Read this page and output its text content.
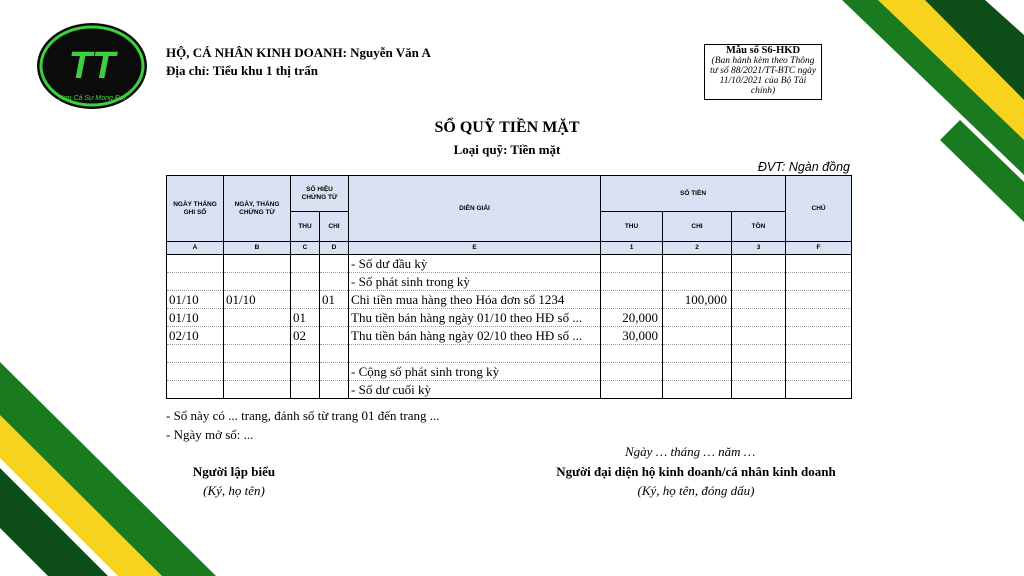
TT
Hơn Cả Sự Mong Đợi
HỘ, CÁ NHÂN KINH DOANH: Nguyễn Văn A
Địa chỉ: Tiểu khu 1 thị trấn
Mẫu số S6-HKD
(Ban hành kèm theo Thông tư số 88/2021/TT-BTC ngày 11/10/2021 của Bộ Tài chính)
SỔ QUỸ TIỀN MẶT
Loại quỹ: Tiền mặt
ĐVT: Ngàn đồng
NGÀY THÁNG GHI SỔ	NGÀY, THÁNG CHỨNG TỪ	SỐ HIỆU CHỨNG TỪ		DIỄN GIẢI	SỐ TIỀN			CHÚ
		THU	CHI		THU	CHI	TỒN	
A	B	C	D	E	1	2	3	F
				- Số dư đầu kỳ				
				- Số phát sinh trong kỳ				
01/10	01/10		01	Chi tiền mua hàng theo Hóa đơn số 1234		100,000		
01/10		01		Thu tiền bán hàng ngày 01/10 theo HĐ số ...	20,000			
02/10		02		Thu tiền bán hàng ngày 02/10 theo HĐ số ...	30,000			

				- Cộng số phát sinh trong kỳ				
				- Số dư cuối kỳ				
- Sổ này có ... trang, đánh số từ trang 01 đến trang ...
- Ngày mở sổ: ...
Ngày … tháng … năm …
Người lập biểu
(Ký, họ tên)
Người đại diện hộ kinh doanh/cá nhân kinh doanh
(Ký, họ tên, đóng dấu)
